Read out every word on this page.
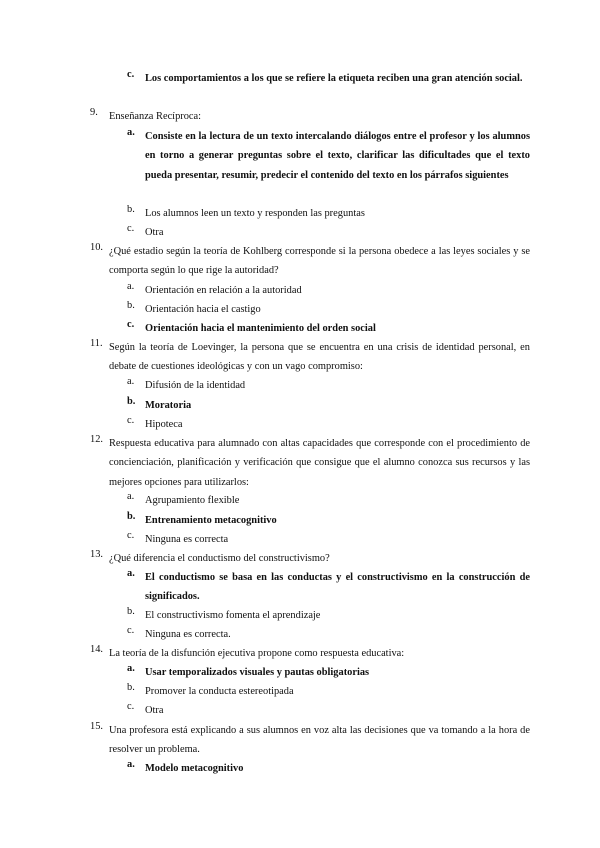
c.	Los comportamientos a los que se refiere la etiqueta reciben una gran atención social.
9.	Enseñanza Recíproca:
a. Consiste en la lectura de un texto intercalando diálogos entre el profesor y los alumnos en torno a generar preguntas sobre el texto, clarificar las dificultades que el texto pueda presentar, resumir, predecir el contenido del texto en los párrafos siguientes
b. Los alumnos leen un texto y responden las preguntas
c.	Otra
10. ¿Qué estadio según la teoría de Kohlberg corresponde si la persona obedece a las leyes sociales y se comporta según lo que rige la autoridad?
a.	Orientación en relación a la autoridad
b. Orientación hacia el castigo
c.	Orientación hacia el mantenimiento del orden social
11. Según la teoría de Loevinger, la persona que se encuentra en una crisis de identidad personal, en debate de cuestiones ideológicas y con un vago compromiso:
a.	Difusión de la identidad
b. Moratoria
c.	Hipoteca
12. Respuesta educativa para alumnado con altas capacidades que corresponde con el procedimiento de concienciación, planificación y verificación que consigue que el alumno conozca sus recursos y las mejores opciones para utilizarlos:
a.	Agrupamiento flexible
b. Entrenamiento metacognitivo
c.	Ninguna es correcta
13. ¿Qué diferencia el conductismo del constructivismo?
a. El conductismo se basa en las conductas y el constructivismo en la construcción de significados.
b. El constructivismo fomenta el aprendizaje
c.	Ninguna es correcta.
14. La teoría de la disfunción ejecutiva propone como respuesta educativa:
a. Usar temporalizados visuales y pautas obligatorias
b. Promover la conducta estereotipada
c.	Otra
15. Una profesora está explicando a sus alumnos en voz alta las decisiones que va tomando a la hora de resolver un problema.
a. Modelo metacognitivo
